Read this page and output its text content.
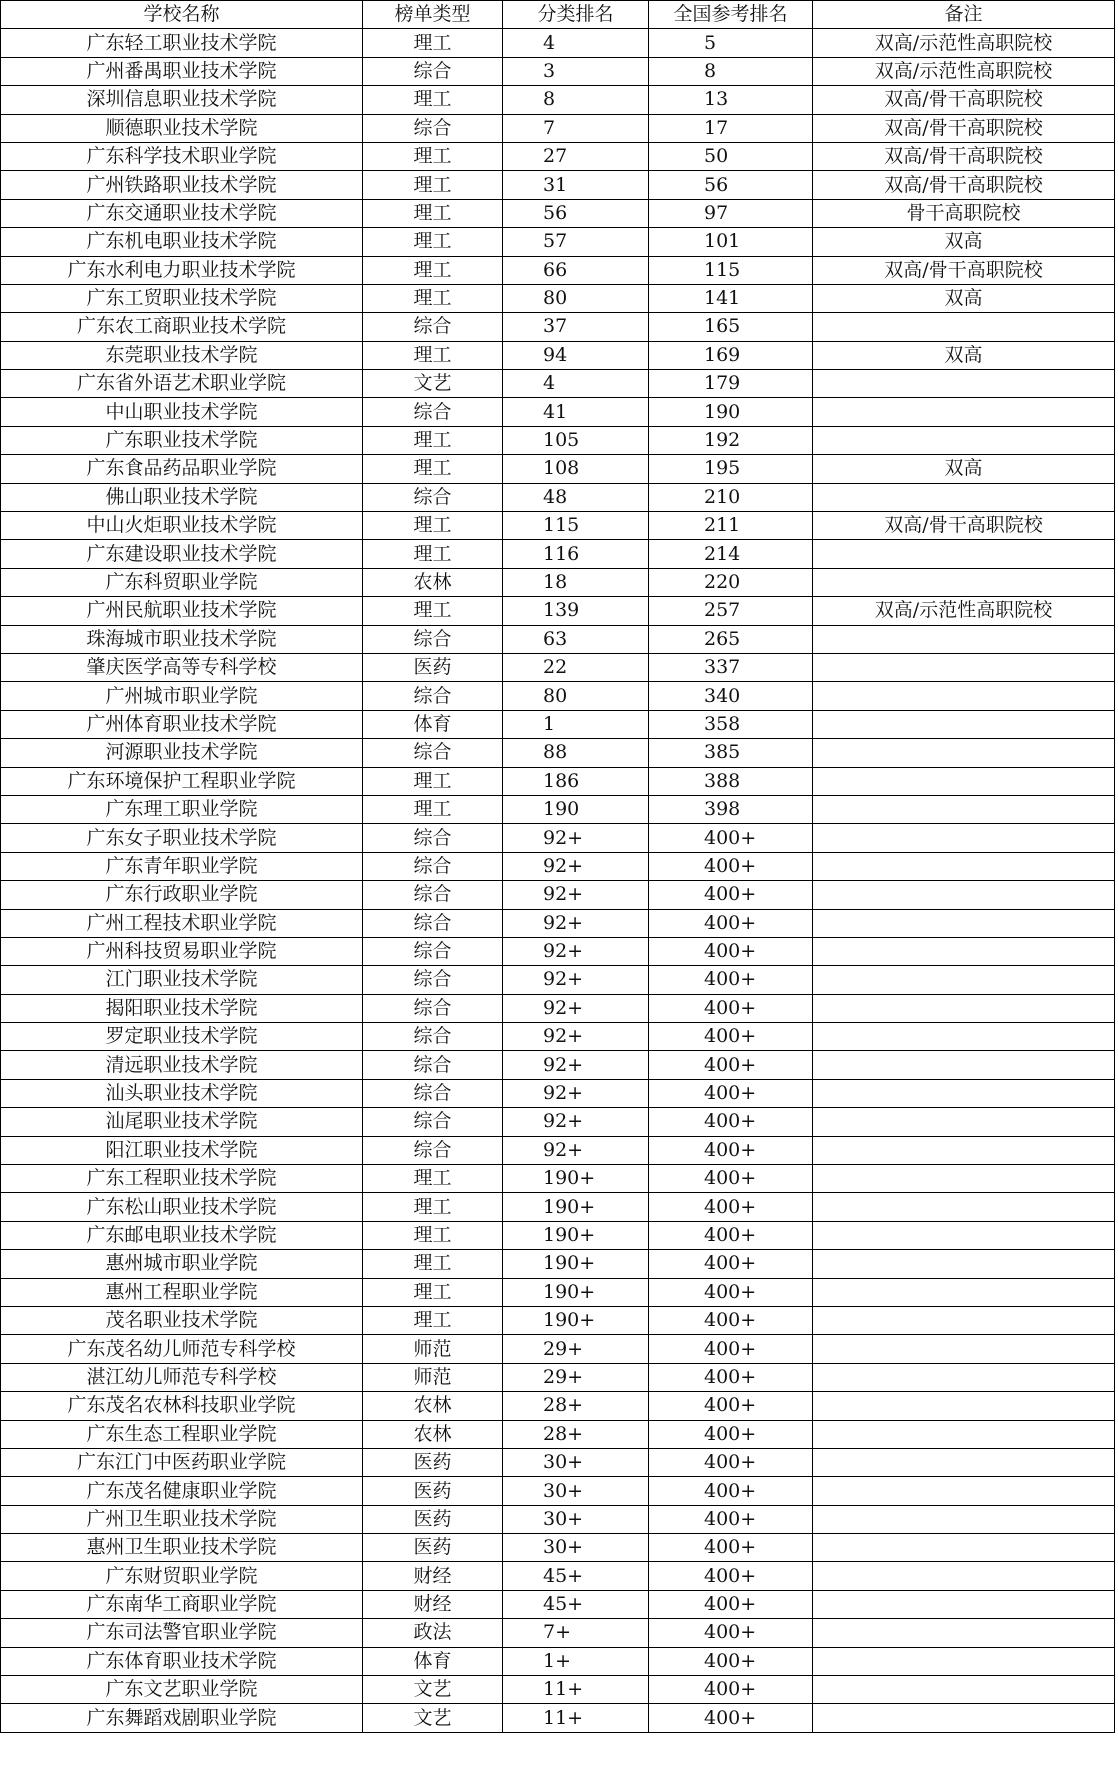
学校名称	榜单类型	分类排名	全国参考排名	备注
广东轻工职业技术学院	理工	4	5	双高/示范性高职院校
广州番禺职业技术学院	综合	3	8	双高/示范性高职院校
深圳信息职业技术学院	理工	8	13	双高/骨干高职院校
顺德职业技术学院	综合	7	17	双高/骨干高职院校
广东科学技术职业学院	理工	27	50	双高/骨干高职院校
广州铁路职业技术学院	理工	31	56	双高/骨干高职院校
广东交通职业技术学院	理工	56	97	骨干高职院校
广东机电职业技术学院	理工	57	101	双高
广东水利电力职业技术学院	理工	66	115	双高/骨干高职院校
广东工贸职业技术学院	理工	80	141	双高
广东农工商职业技术学院	综合	37	165	
东莞职业技术学院	理工	94	169	双高
广东省外语艺术职业学院	文艺	4	179	
中山职业技术学院	综合	41	190	
广东职业技术学院	理工	105	192	
广东食品药品职业学院	理工	108	195	双高
佛山职业技术学院	综合	48	210	
中山火炬职业技术学院	理工	115	211	双高/骨干高职院校
广东建设职业技术学院	理工	116	214	
广东科贸职业学院	农林	18	220	
广州民航职业技术学院	理工	139	257	双高/示范性高职院校
珠海城市职业技术学院	综合	63	265	
肇庆医学高等专科学校	医药	22	337	
广州城市职业学院	综合	80	340	
广州体育职业技术学院	体育	1	358	
河源职业技术学院	综合	88	385	
广东环境保护工程职业学院	理工	186	388	
广东理工职业学院	理工	190	398	
广东女子职业技术学院	综合	92+	400+	
广东青年职业学院	综合	92+	400+	
广东行政职业学院	综合	92+	400+	
广州工程技术职业学院	综合	92+	400+	
广州科技贸易职业学院	综合	92+	400+	
江门职业技术学院	综合	92+	400+	
揭阳职业技术学院	综合	92+	400+	
罗定职业技术学院	综合	92+	400+	
清远职业技术学院	综合	92+	400+	
汕头职业技术学院	综合	92+	400+	
汕尾职业技术学院	综合	92+	400+	
阳江职业技术学院	综合	92+	400+	
广东工程职业技术学院	理工	190+	400+	
广东松山职业技术学院	理工	190+	400+	
广东邮电职业技术学院	理工	190+	400+	
惠州城市职业学院	理工	190+	400+	
惠州工程职业学院	理工	190+	400+	
茂名职业技术学院	理工	190+	400+	
广东茂名幼儿师范专科学校	师范	29+	400+	
湛江幼儿师范专科学校	师范	29+	400+	
广东茂名农林科技职业学院	农林	28+	400+	
广东生态工程职业学院	农林	28+	400+	
广东江门中医药职业学院	医药	30+	400+	
广东茂名健康职业学院	医药	30+	400+	
广州卫生职业技术学院	医药	30+	400+	
惠州卫生职业技术学院	医药	30+	400+	
广东财贸职业学院	财经	45+	400+	
广东南华工商职业学院	财经	45+	400+	
广东司法警官职业学院	政法	7+	400+	
广东体育职业技术学院	体育	1+	400+	
广东文艺职业学院	文艺	11+	400+	
广东舞蹈戏剧职业学院	文艺	11+	400+	
